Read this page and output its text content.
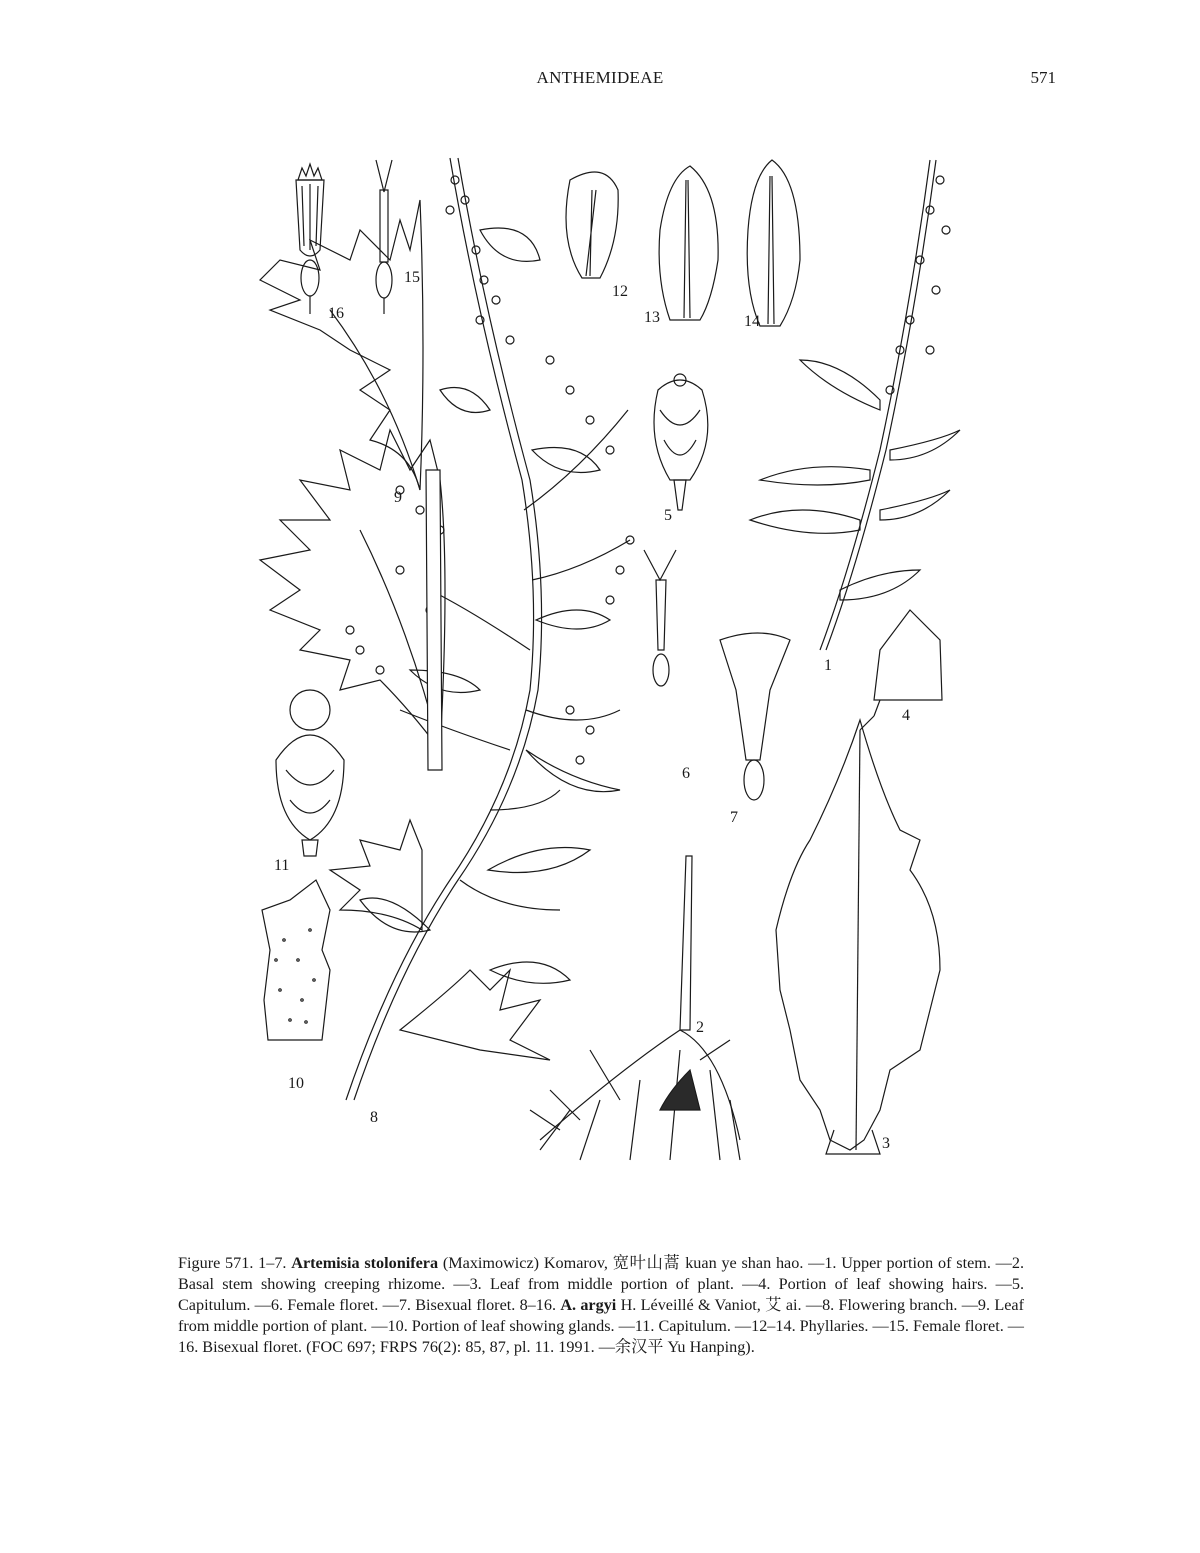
ANTHEMIDEAE	571
16
15
12
13	14
9
5
1
4
6
7
11
2
10
8
3
Figure 571. 1–7. Artemisia stolonifera (Maximowicz) Komarov, 宽叶山蒿 kuan ye shan hao. —1. Upper portion of stem. —2. Basal stem showing creeping rhizome. —3. Leaf from middle portion of plant. —4. Portion of leaf showing hairs. —5. Capitulum. —6. Female floret. —7. Bisexual floret. 8–16. A. argyi H. Léveillé & Vaniot, 艾 ai. —8. Flowering branch. —9. Leaf from middle portion of plant. —10. Portion of leaf showing glands. —11. Capitulum. —12–14. Phyllaries. —15. Female floret. —16. Bisexual floret. (FOC 697; FRPS 76(2): 85, 87, pl. 11. 1991. —余汉平 Yu Hanping).
